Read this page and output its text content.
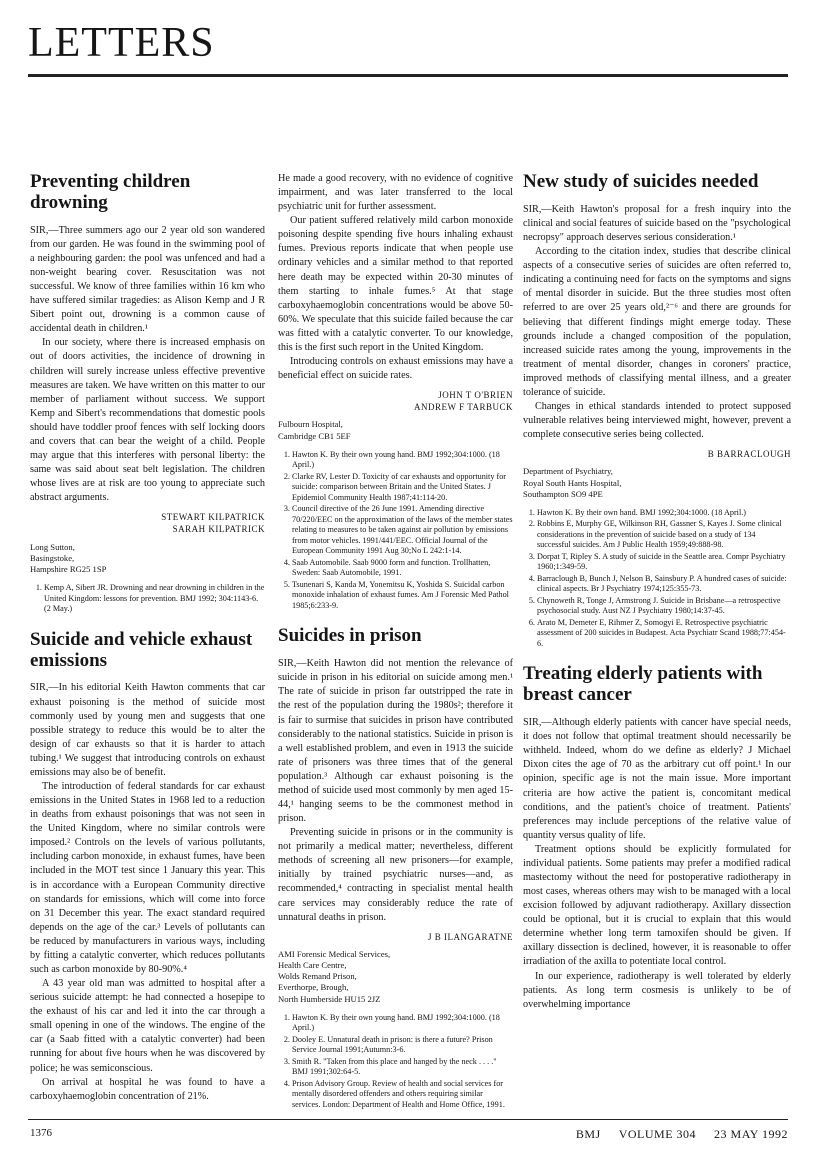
LETTERS
Preventing children drowning

SIR,—Three summers ago our 2 year old son wandered from our garden. He was found in the swimming pool of a neighbouring garden: the pool was unfenced and had a non-weight bearing cover. Resuscitation was not successful. We know of three families within 16 km who have suffered similar tragedies: as Alison Kemp and J R Sibert point out, drowning is a common cause of accidental death in children.¹

In our society, where there is increased emphasis on out of doors activities, the incidence of drowning in children will surely increase unless effective preventive measures are taken. We have written on this matter to our member of parliament without success. We support Kemp and Sibert's recommendations that domestic pools should have toddler proof fences with self locking doors and covers that can bear the weight of a child. People may argue that this interferes with personal liberty: the same was said about seat belt legislation. The children whose lives are at risk are too young to appreciate such abstract arguments.

STEWART KILPATRICK
SARAH KILPATRICK
Long Sutton,
Basingstoke,
Hampshire RG25 1SP
1. Kemp A, Sibert JR. Drowning and near drowning in children in the United Kingdom: lessons for prevention. BMJ 1992; 304:1143-6. (2 May.)
Suicide and vehicle exhaust emissions

SIR,—In his editorial Keith Hawton comments that car exhaust poisoning is the method of suicide most commonly used by young men and suggests that one possible strategy to reduce this would be to alter the design of car exhausts so that it is harder to attach tubing.¹ We suggest that introducing controls on exhaust emissions may also be of benefit.

The introduction of federal standards for car exhaust emissions in the United States in 1968 led to a reduction in deaths from exhaust poisonings that was not seen in the United Kingdom, where no similar controls were imposed.² Controls on the levels of various pollutants, including carbon monoxide, in exhaust fumes, have been included in the MOT test since 1 January this year. This is in accordance with a European Community directive on standards for emissions, which will come into force on 31 December this year. The exact standard required depends on the age of the car.³ Levels of pollutants can be reduced by manufacturers in various ways, including by fitting a catalytic converter, which reduces pollutants such as carbon monoxide by 80-90%.⁴

A 43 year old man was admitted to hospital after a serious suicide attempt: he had connected a hosepipe to the exhaust of his car and led it into the car through a small opening in one of the windows. The engine of the car (a Saab fitted with a catalytic converter) had been running for about five hours when he was discovered by police; he was semiconscious.

On arrival at hospital he was found to have a carboxyhaemoglobin concentration of 21%.

He made a good recovery, with no evidence of cognitive impairment, and was later transferred to the local psychiatric unit for further assessment.

Our patient suffered relatively mild carbon monoxide poisoning despite spending five hours inhaling exhaust fumes. Previous reports indicate that when people use ordinary vehicles and a similar method to that reported here death may be expected within 20-30 minutes of them starting to inhale fumes.⁵ At that stage carboxyhaemoglobin concentrations would be above 50-60%. We speculate that this suicide failed because the car was fitted with a catalytic converter. To our knowledge, this is the first such report in the United Kingdom.

Introducing controls on exhaust emissions may have a beneficial effect on suicide rates.

JOHN T O'BRIEN
ANDREW F TARBUCK
Fulbourn Hospital,
Cambridge CB1 5EF
1. Hawton K. By their own young hand. BMJ 1992;304:1000. (18 April.)
2. Clarke RV, Lester D. Toxicity of car exhausts and opportunity for suicide: comparison between Britain and the United States. J Epidemiol Community Health 1987;41:114-20.
3. Council directive of the 26 June 1991. Amending directive 70/220/EEC on the approximation of the laws of the member states relating to measures to be taken against air pollution by emissions from motor vehicles. 1991/441/EEC. Official Journal of the European Community 1991 Aug 30;No L 242:1-14.
4. Saab Automobile. Saab 9000 form and function. Trollhatten, Sweden: Saab Automobile, 1991.
5. Tsunenari S, Kanda M, Yonemitsu K, Yoshida S. Suicidal carbon monoxide inhalation of exhaust fumes. Am J Forensic Med Pathol 1985;6:233-9.
Suicides in prison

SIR,—Keith Hawton did not mention the relevance of suicide in prison in his editorial on suicide among men.¹ The rate of suicide in prison far outstripped the rate in the rest of the population during the 1980s²; therefore it is fair to surmise that suicides in prison have contributed considerably to the national statistics. Suicide in prison is a well established problem, and even in 1913 the suicide rate of prisoners was three times that of the general population.³ Although car exhaust poisoning is the method of suicide used most commonly by men aged 15-44,¹ hanging seems to be the commonest method in prison.

Preventing suicide in prisons or in the community is not primarily a medical matter; nevertheless, different methods of screening all new prisoners—for example, initially by trained psychiatric nurses—and, as recommended,⁴ contracting in specialist mental health care services may considerably reduce the rate of unnatural deaths in prison.

J B ILANGARATNE
AMI Forensic Medical Services,
Health Care Centre,
Wolds Remand Prison,
Everthorpe, Brough,
North Humberside HU15 2JZ
1. Hawton K. By their own young hand. BMJ 1992;304:1000. (18 April.)
2. Dooley E. Unnatural death in prison: is there a future? Prison Service Journal 1991;Autumn:3-6.
3. Smith R. "Taken from this place and hanged by the neck . . . ." BMJ 1991;302:64-5.
4. Prison Advisory Group. Review of health and social services for mentally disordered offenders and others requiring similar services. London: Department of Health and Home Office, 1991.
New study of suicides needed

SIR,—Keith Hawton's proposal for a fresh inquiry into the clinical and social features of suicide based on the "psychological necropsy" approach deserves serious consideration.¹

According to the citation index, studies that describe clinical aspects of a consecutive series of suicides are often referred to, indicating a continuing need for facts on the symptoms and signs of mental disorder in suicide. But the three studies most often referred to are over 25 years old,²⁻⁶ and there are grounds for believing that different findings might emerge today. These grounds include a changed composition of the population, increased suicide rates among the young, improvements in the treatment of mental disorder, changes in coroners' practice, improved methods of classifying mental illness, and a greater tolerance of suicide.

Changes in ethical standards intended to protect supposed vulnerable relatives being interviewed might, however, prevent a complete consecutive series being collected.

B BARRACLOUGH
Department of Psychiatry,
Royal South Hants Hospital,
Southampton SO9 4PE
1. Hawton K. By their own hand. BMJ 1992;304:1000. (18 April.)
2. Robbins E, Murphy GE, Wilkinson RH, Gassner S, Kayes J. Some clinical considerations in the prevention of suicide based on a study of 134 successful suicides. Am J Public Health 1959;49:888-98.
3. Dorpat T, Ripley S. A study of suicide in the Seattle area. Compr Psychiatry 1960;1:349-59.
4. Barraclough B, Bunch J, Nelson B, Sainsbury P. A hundred cases of suicide: clinical aspects. Br J Psychiatry 1974;125:355-73.
5. Chynoweth R, Tonge J, Armstrong J. Suicide in Brisbane—a retrospective psychosocial study. Aust NZ J Psychiatry 1980;14:37-45.
6. Arato M, Demeter E, Rihmer Z, Somogyi E. Retrospective psychiatric assessment of 200 suicides in Budapest. Acta Psychiatr Scand 1988;77:454-6.
Treating elderly patients with breast cancer

SIR,—Although elderly patients with cancer have special needs, it does not follow that optimal treatment should necessarily be withheld. Indeed, whom do we define as elderly? J Michael Dixon cites the age of 70 as the arbitrary cut off point.¹ In our opinion, specific age is not the main issue. More important criteria are how active the patient is, concomitant medical conditions, and the patient's choice of treatment. Patients' preferences may include perceptions of the relative value of quantity versus quality of life.

Treatment options should be explicitly formulated for individual patients. Some patients may prefer a modified radical mastectomy without the need for postoperative radiotherapy in most cases, whereas others may wish to be managed with a local excision followed by adjuvant radiotherapy. Axillary dissection could be optional, but it is crucial to explain that this would determine whether long term tamoxifen should be given. If axillary dissection is declined, however, it is reasonable to offer irradiation of the axilla to potentiate local control.

In our experience, radiotherapy is well tolerated by elderly patients. As long term cosmesis is unlikely to be of overwhelming importance

1376	BMJ VOLUME 304 23 MAY 1992
